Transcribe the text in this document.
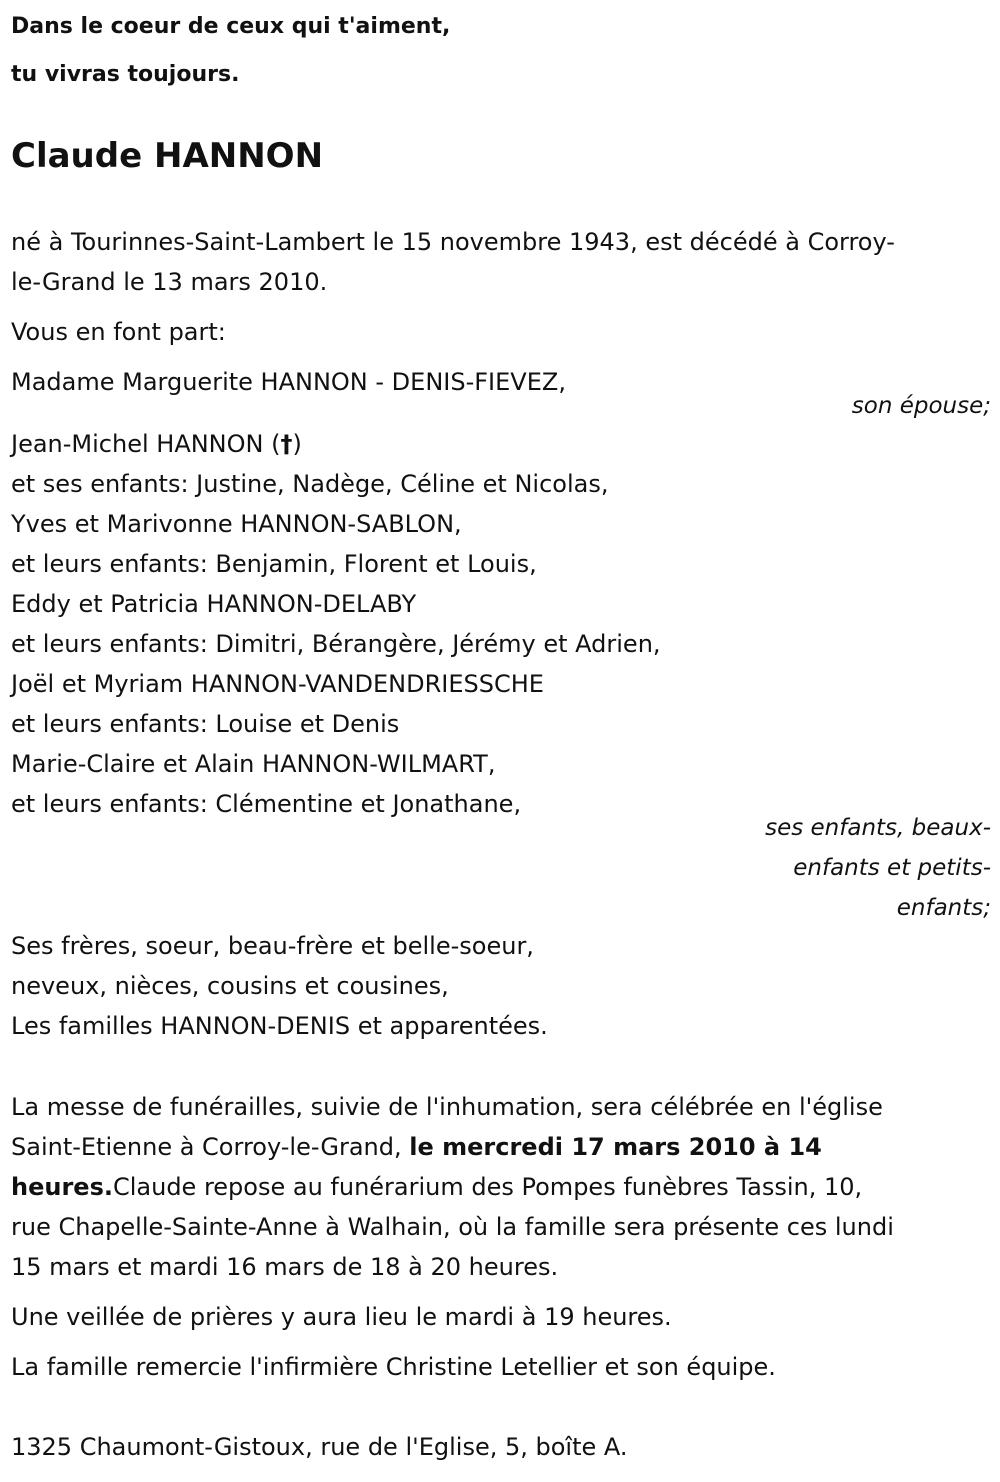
Dans le coeur de ceux qui t'aiment,
tu vivras toujours.
Claude HANNON
né à Tourinnes-Saint-Lambert le 15 novembre 1943, est décédé à Corroy-
le-Grand le 13 mars 2010.
Vous en font part:
Madame Marguerite HANNON - DENIS-FIEVEZ,
son épouse;
Jean-Michel HANNON (†)
et ses enfants: Justine, Nadège, Céline et Nicolas,
Yves et Marivonne HANNON-SABLON,
et leurs enfants: Benjamin, Florent et Louis,
Eddy et Patricia HANNON-DELABY
et leurs enfants: Dimitri, Bérangère, Jérémy et Adrien,
Joël et Myriam HANNON-VANDENDRIESSCHE
et leurs enfants: Louise et Denis
Marie-Claire et Alain HANNON-WILMART,
et leurs enfants: Clémentine et Jonathane,
ses enfants, beaux-
enfants et petits-
enfants;
Ses frères, soeur, beau-frère et belle-soeur,
neveux, nièces, cousins et cousines,
Les familles HANNON-DENIS et apparentées.
La messe de funérailles, suivie de l'inhumation, sera célébrée en l'église
Saint-Etienne à Corroy-le-Grand, le mercredi 17 mars 2010 à 14
heures.Claude repose au funérarium des Pompes funèbres Tassin, 10,
rue Chapelle-Sainte-Anne à Walhain, où la famille sera présente ces lundi
15 mars et mardi 16 mars de 18 à 20 heures.
Une veillée de prières y aura lieu le mardi à 19 heures.
La famille remercie l'infirmière Christine Letellier et son équipe.
1325 Chaumont-Gistoux, rue de l'Eglise, 5, boîte A.
